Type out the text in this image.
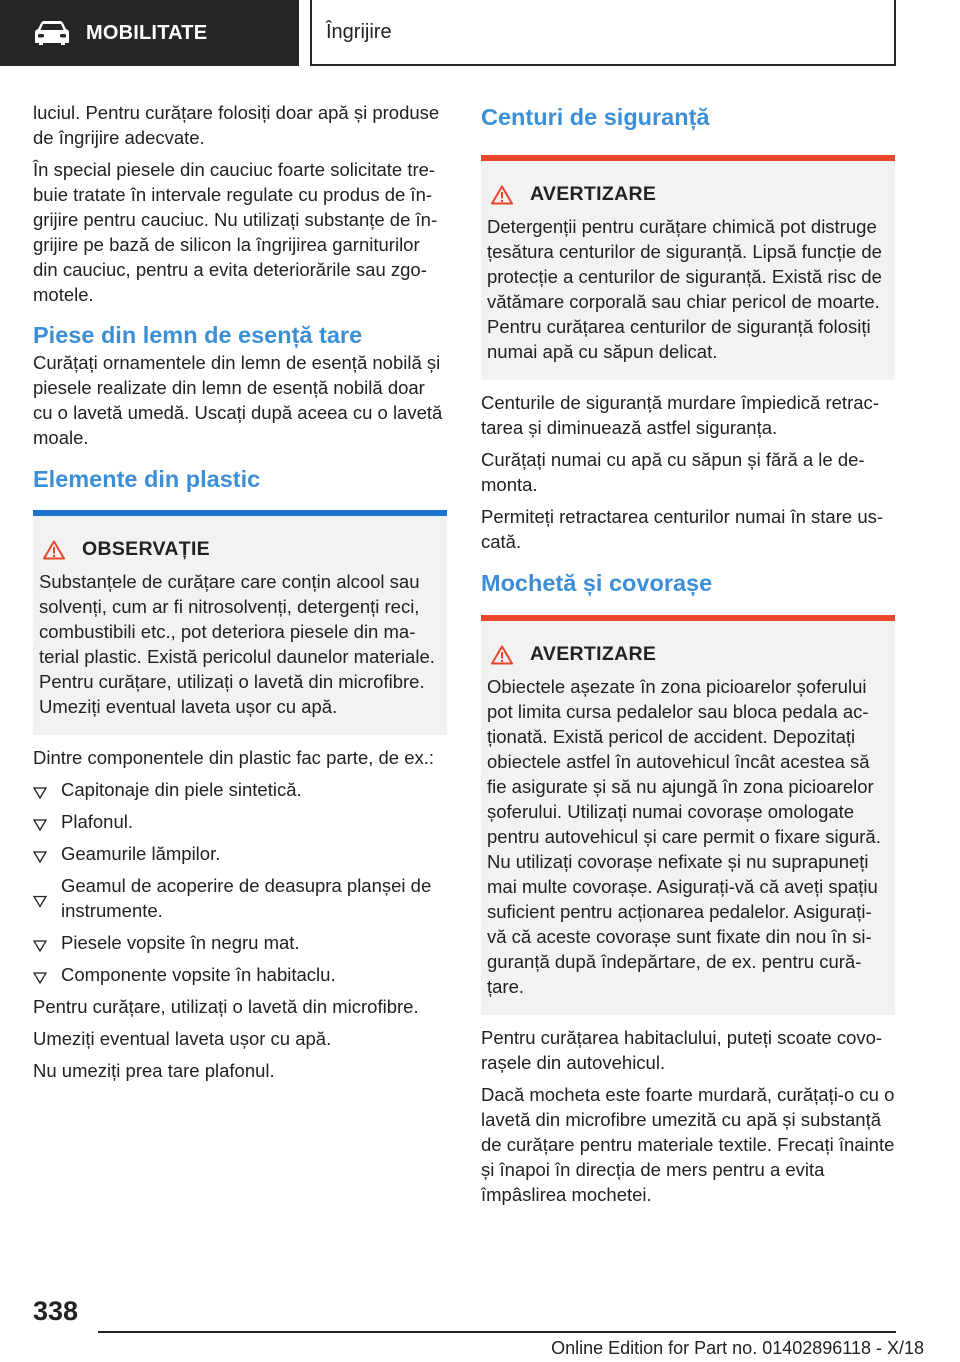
MOBILITATE	Îngrijire

luciul. Pentru curățare folosiți doar apă și produse de îngrijire adecvate.

În special piesele din cauciuc foarte solicitate trebuie tratate în intervale regulate cu produs de îngrijire pentru cauciuc. Nu utilizați substanțe de îngrijire pe bază de silicon la îngrijirea garniturilor din cauciuc, pentru a evita deteriorările sau zgomotele.

Piese din lemn de esență tare

Curățați ornamentele din lemn de esență nobilă și piesele realizate din lemn de esență nobilă doar cu o lavetă umedă. Uscați după aceea cu o lavetă moale.

Elemente din plastic
OBSERVAȚIE
Substanțele de curățare care conțin alcool sau solvenți, cum ar fi nitrosolvenți, detergenți reci, combustibili etc., pot deteriora piesele din material plastic. Există pericolul daunelor materiale. Pentru curățare, utilizați o lavetă din microfibre. Umeziți eventual laveta ușor cu apă.

Dintre componentele din plastic fac parte, de ex.:

Capitonaje din piele sintetică.
Plafonul.
Geamurile lămpilor.
Geamul de acoperire de deasupra planșei de instrumente.
Piesele vopsite în negru mat.
Componente vopsite în habitaclu.

Pentru curățare, utilizați o lavetă din microfibre.

Umeziți eventual laveta ușor cu apă.

Nu umeziți prea tare plafonul.

Centuri de siguranță
AVERTIZARE
Detergenții pentru curățare chimică pot distruge țesătura centurilor de siguranță. Lipsă funcție de protecție a centurilor de siguranță. Există risc de vătămare corporală sau chiar pericol de moarte. Pentru curățarea centurilor de siguranță folosiți numai apă cu săpun delicat.

Centurile de siguranță murdare împiedică retractarea și diminuează astfel siguranța.

Curățați numai cu apă cu săpun și fără a le demonta.

Permiteți retractarea centurilor numai în stare uscată.

Mochetă și covorașe
AVERTIZARE
Obiectele așezate în zona picioarelor șoferului pot limita cursa pedalelor sau bloca pedala acționată. Există pericol de accident. Depozitați obiectele astfel în autovehicul încât acestea să fie asigurate și să nu ajungă în zona picioarelor șoferului. Utilizați numai covorașe omologate pentru autovehicul și care permit o fixare sigură. Nu utilizați covorașe nefixate și nu suprapuneți mai multe covorașe. Asigurați-vă că aveți spațiu suficient pentru acționarea pedalelor. Asigurați-vă că aceste covorașe sunt fixate din nou în siguranță după îndepărtare, de ex. pentru curățare.

Pentru curățarea habitaclului, puteți scoate covorașele din autovehicul.

Dacă mocheta este foarte murdară, curățați-o cu o lavetă din microfibre umezită cu apă și substanță de curățare pentru materiale textile. Frecați înainte și înapoi în direcția de mers pentru a evita împâslirea mochetei.

338
Online Edition for Part no. 01402896118 - X/18
